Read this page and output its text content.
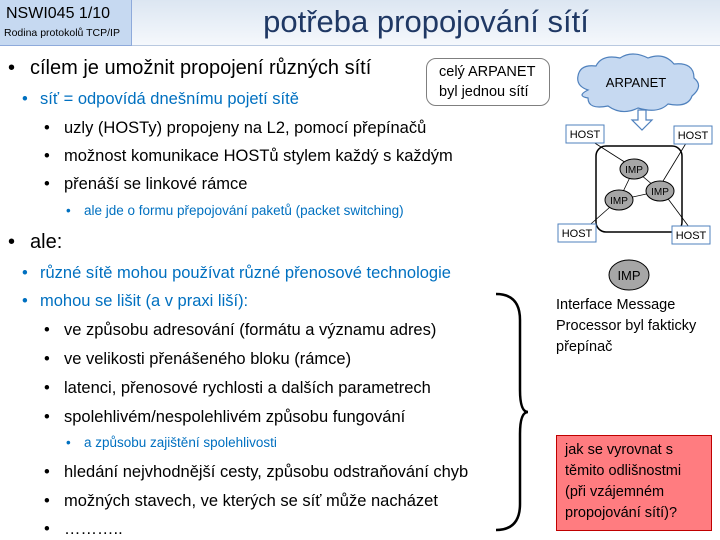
NSWI045 1/10
Rodina protokolů TCP/IP	potřeba propojování sítí
• cílem je umožnit propojení různých sítí
• síť = odpovídá dnešnímu pojetí sítě
• uzly (HOSTy) propojeny na L2, pomocí přepínačů
• možnost komunikace HOSTů stylem každý s každým
• přenáší se linkové rámce
• ale jde o formu přepojování paketů (packet switching)
• ale:
• různé sítě mohou používat různé přenosové technologie
• mohou se lišit (a v praxi liší):
• ve způsobu adresování (formátu a významu adres)
• ve velikosti přenášeného bloku (rámce)
• latenci, přenosové rychlosti a dalších parametrech
• spolehlivém/nespolehlivém způsobu fungování
• a způsobu zajištění spolehlivosti
• hledání nejvhodnější cesty, způsobu odstraňování chyb
• možných stavech, ve kterých se síť může nacházet
• ………..
celý ARPANET
byl jednou sítí
ARPANET
IMP
IMP
IMP
HOST	HOST
HOST	HOST
IMP
Interface Message
Processor byl fakticky
přepínač
jak se vyrovnat s
těmito odlišnostmi
(při vzájemném
propojování sítí)?
